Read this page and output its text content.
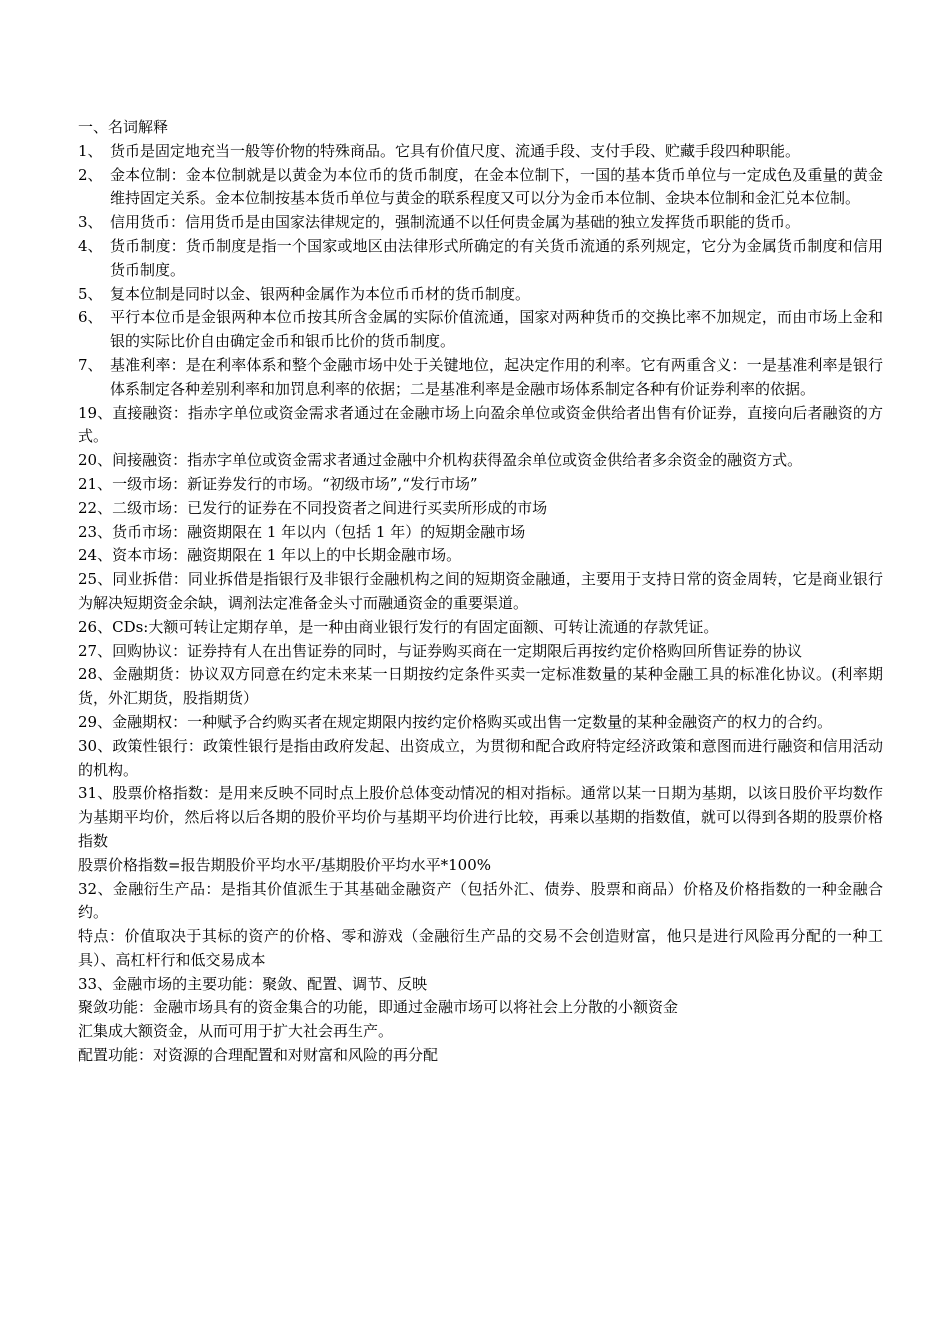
一、名词解释
1、 货币是固定地充当一般等价物的特殊商品。它具有价值尺度、流通手段、支付手段、贮藏手段四种职能。
2、 金本位制：金本位制就是以黄金为本位币的货币制度，在金本位制下，一国的基本货币单位与一定成色及重量的黄金维持固定关系。金本位制按基本货币单位与黄金的联系程度又可以分为金币本位制、金块本位制和金汇兑本位制。
3、 信用货币：信用货币是由国家法律规定的，强制流通不以任何贵金属为基础的独立发挥货币职能的货币。
4、 货币制度：货币制度是指一个国家或地区由法律形式所确定的有关货币流通的系列规定，它分为金属货币制度和信用货币制度。
5、 复本位制是同时以金、银两种金属作为本位币币材的货币制度。
6、 平行本位币是金银两种本位币按其所含金属的实际价值流通，国家对两种货币的交换比率不加规定，而由市场上金和银的实际比价自由确定金币和银币比价的货币制度。
7、 基准利率：是在利率体系和整个金融市场中处于关键地位，起决定作用的利率。它有两重含义：一是基准利率是银行体系制定各种差别利率和加罚息利率的依据；二是基准利率是金融市场体系制定各种有价证券利率的依据。
19、直接融资：指赤字单位或资金需求者通过在金融市场上向盈余单位或资金供给者出售有价证券，直接向后者融资的方式。
20、间接融资：指赤字单位或资金需求者通过金融中介机构获得盈余单位或资金供给者多余资金的融资方式。
21、一级市场：新证券发行的市场。“初级市场”,“发行市场”
22、二级市场：已发行的证券在不同投资者之间进行买卖所形成的市场
23、货币市场：融资期限在 1 年以内（包括 1 年）的短期金融市场
24、资本市场：融资期限在 1 年以上的中长期金融市场。
25、同业拆借：同业拆借是指银行及非银行金融机构之间的短期资金融通，主要用于支持日常的资金周转，它是商业银行为解决短期资金余缺，调剂法定准备金头寸而融通资金的重要渠道。
26、CDs:大额可转让定期存单，是一种由商业银行发行的有固定面额、可转让流通的存款凭证。
27、回购协议：证券持有人在出售证券的同时，与证券购买商在一定期限后再按约定价格购回所售证券的协议
28、金融期货：协议双方同意在约定未来某一日期按约定条件买卖一定标准数量的某种金融工具的标准化协议。(利率期货，外汇期货，股指期货）
29、金融期权：一种赋予合约购买者在规定期限内按约定价格购买或出售一定数量的某种金融资产的权力的合约。
30、政策性银行：政策性银行是指由政府发起、出资成立，为贯彻和配合政府特定经济政策和意图而进行融资和信用活动的机构。
31、股票价格指数：是用来反映不同时点上股价总体变动情况的相对指标。通常以某一日期为基期，以该日股价平均数作为基期平均价，然后将以后各期的股价平均价与基期平均价进行比较，再乘以基期的指数值，就可以得到各期的股票价格指数
股票价格指数=报告期股价平均水平/基期股价平均水平*100%
32、金融衍生产品：是指其价值派生于其基础金融资产（包括外汇、债券、股票和商品）价格及价格指数的一种金融合约。
特点：价值取决于其标的资产的价格、零和游戏（金融衍生产品的交易不会创造财富，他只是进行风险再分配的一种工具）、高杠杆行和低交易成本
33、金融市场的主要功能：聚敛、配置、调节、反映
聚敛功能：金融市场具有的资金集合的功能，即通过金融市场可以将社会上分散的小额资金
汇集成大额资金，从而可用于扩大社会再生产。
配置功能：对资源的合理配置和对财富和风险的再分配
